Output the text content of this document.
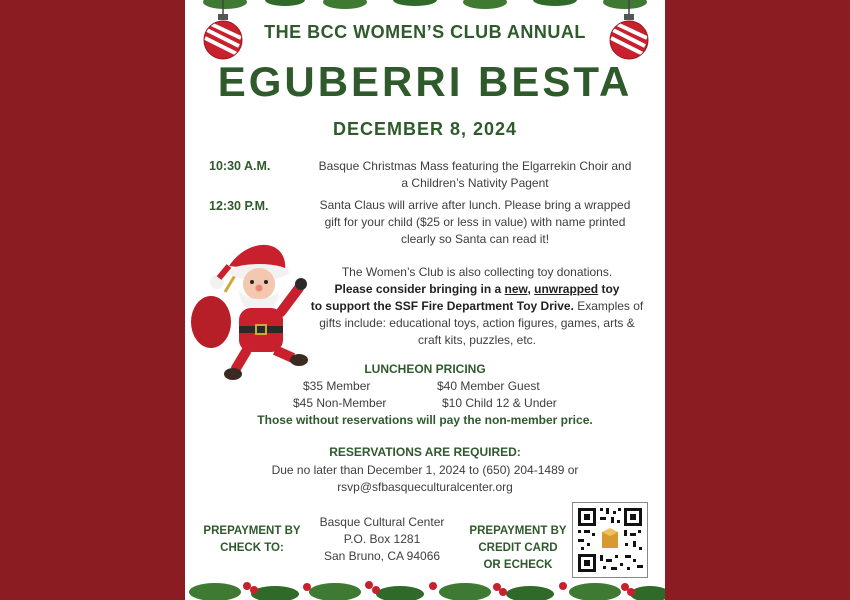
THE BCC WOMEN’S CLUB ANNUAL
EGUBERRI BESTA
DECEMBER 8, 2024
10:30 A.M.	Basque Christmas Mass featuring the Elgarrekin Choir and
a Children’s Nativity Pagent
12:30 P.M.	Santa Claus will arrive after lunch. Please bring a wrapped
gift for your child ($25 or less in value) with name printed
clearly so Santa can read it!
The Women’s Club is also collecting toy donations.
Please consider bringing in a new, unwrapped toy
to support the SSF Fire Department Toy Drive. Examples of
gifts include: educational toys, action figures, games, arts &
craft kits, puzzles, etc.
LUNCHEON PRICING
$35 Member	$40 Member Guest
$45 Non-Member	$10 Child 12 & Under
Those without reservations will pay the non-member price.
RESERVATIONS ARE REQUIRED:
Due no later than December 1, 2024 to (650) 204-1489 or
rsvp@sfbasqueculturalcenter.org
PREPAYMENT BY
CHECK TO:
Basque Cultural Center
P.O. Box 1281
San Bruno, CA 94066
PREPAYMENT BY
CREDIT CARD
OR ECHECK
